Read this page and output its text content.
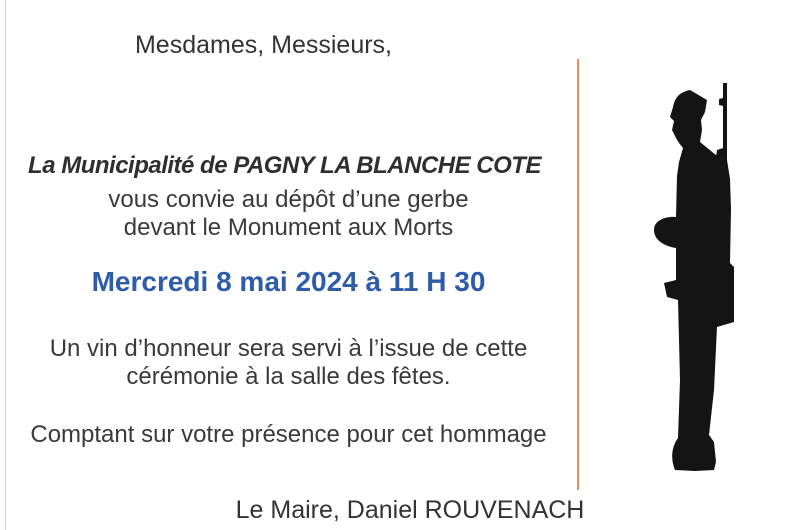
Mesdames, Messieurs,
La Municipalité de PAGNY LA BLANCHE COTE
vous convie au dépôt d’une gerbe
devant le Monument aux Morts
Mercredi 8 mai 2024 à 11 H 30
Un vin d’honneur sera servi à l’issue de cette
cérémonie à la salle des fêtes.
Comptant sur votre présence pour cet hommage
Le Maire, Daniel ROUVENACH
